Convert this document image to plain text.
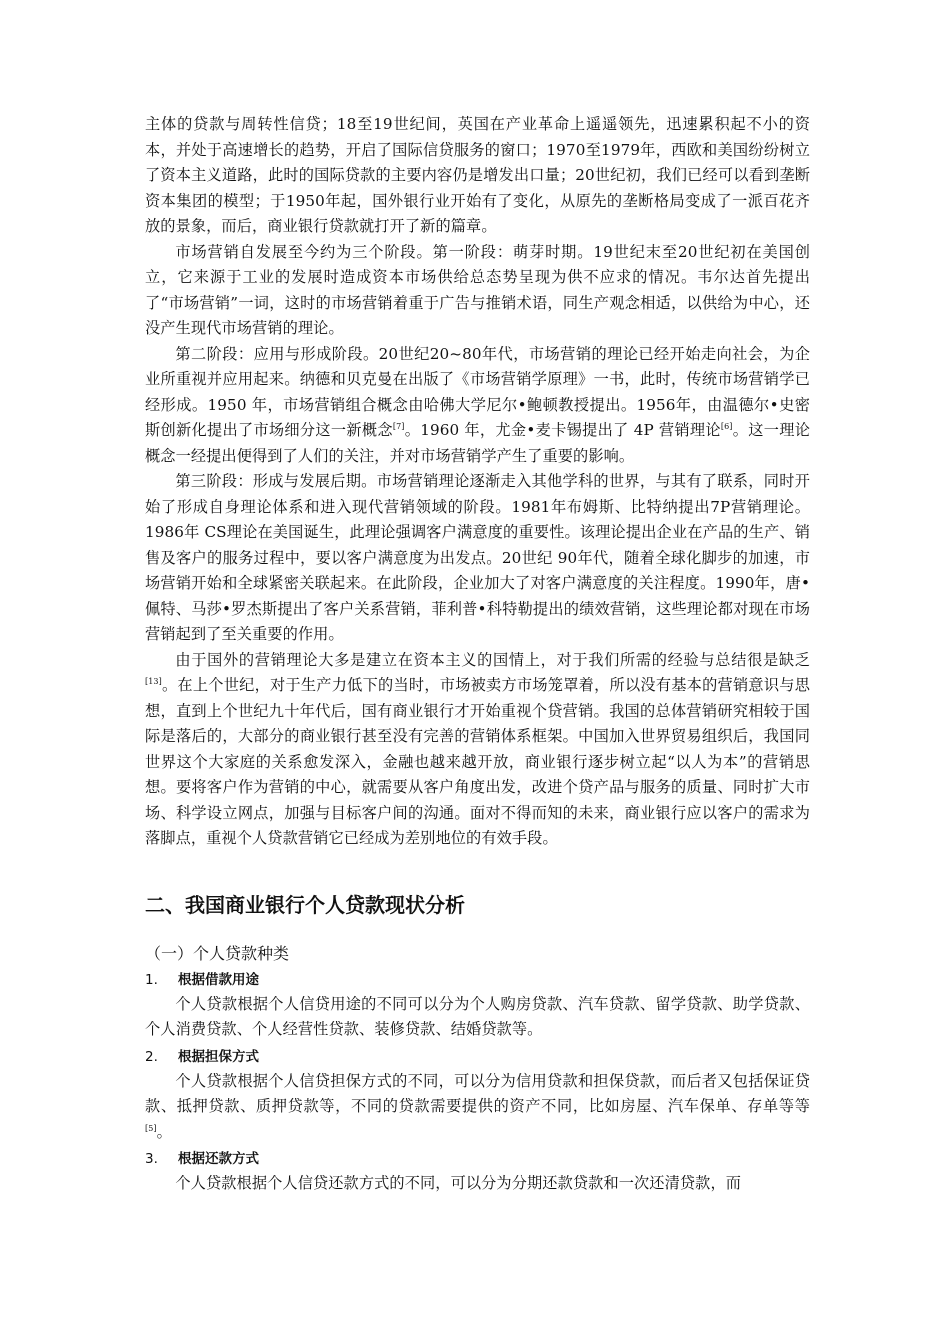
主体的贷款与周转性信贷；18至19世纪间，英国在产业革命上遥遥领先，迅速累积起不小的资本，并处于高速增长的趋势，开启了国际信贷服务的窗口；1970至1979年，西欧和美国纷纷树立了资本主义道路，此时的国际贷款的主要内容仍是增发出口量；20世纪初，我们已经可以看到垄断资本集团的模型；于1950年起，国外银行业开始有了变化，从原先的垄断格局变成了一派百花齐放的景象，而后，商业银行贷款就打开了新的篇章。

市场营销自发展至今约为三个阶段。第一阶段：萌芽时期。19世纪末至20世纪初在美国创立，它来源于工业的发展时造成资本市场供给总态势呈现为供不应求的情况。韦尔达首先提出了“市场营销”一词，这时的市场营销着重于广告与推销术语，同生产观念相适，以供给为中心，还没产生现代市场营销的理论。

第二阶段：应用与形成阶段。20世纪20~80年代，市场营销的理论已经开始走向社会，为企业所重视并应用起来。纳德和贝克曼在出版了《市场营销学原理》一书，此时，传统市场营销学已经形成。1950 年，市场营销组合概念由哈佛大学尼尔•鲍顿教授提出。1956年，由温德尔•史密斯创新化提出了市场细分这一新概念[7]。1960 年，尤金•麦卡锡提出了 4P 营销理论[6]。这一理论概念一经提出便得到了人们的关注，并对市场营销学产生了重要的影响。

第三阶段：形成与发展后期。市场营销理论逐渐走入其他学科的世界，与其有了联系，同时开始了形成自身理论体系和进入现代营销领域的阶段。1981年布姆斯、比特纳提出7P营销理论。1986年 CS理论在美国诞生，此理论强调客户满意度的重要性。该理论提出企业在产品的生产、销售及客户的服务过程中，要以客户满意度为出发点。20世纪 90年代，随着全球化脚步的加速，市场营销开始和全球紧密关联起来。在此阶段，企业加大了对客户满意度的关注程度。1990年，唐•佩特、马莎•罗杰斯提出了客户关系营销，菲利普•科特勒提出的绩效营销，这些理论都对现在市场营销起到了至关重要的作用。

由于国外的营销理论大多是建立在资本主义的国情上，对于我们所需的经验与总结很是缺乏[13]。在上个世纪，对于生产力低下的当时，市场被卖方市场笼罩着，所以没有基本的营销意识与思想，直到上个世纪九十年代后，国有商业银行才开始重视个贷营销。我国的总体营销研究相较于国际是落后的，大部分的商业银行甚至没有完善的营销体系框架。中国加入世界贸易组织后，我国同世界这个大家庭的关系愈发深入，金融也越来越开放，商业银行逐步树立起“以人为本”的营销思想。要将客户作为营销的中心，就需要从客户角度出发，改进个贷产品与服务的质量、同时扩大市场、科学设立网点，加强与目标客户间的沟通。面对不得而知的未来，商业银行应以客户的需求为落脚点，重视个人贷款营销它已经成为差别地位的有效手段。

二、我国商业银行个人贷款现状分析
（一）个人贷款种类
1.	根据借款用途

个人贷款根据个人信贷用途的不同可以分为个人购房贷款、汽车贷款、留学贷款、助学贷款、个人消费贷款、个人经营性贷款、装修贷款、结婚贷款等。

2.	根据担保方式

个人贷款根据个人信贷担保方式的不同，可以分为信用贷款和担保贷款，而后者又包括保证贷款、抵押贷款、质押贷款等，不同的贷款需要提供的资产不同，比如房屋、汽车保单、存单等等[5]。

3.	根据还款方式

个人贷款根据个人信贷还款方式的不同，可以分为分期还款贷款和一次还清贷款，而
